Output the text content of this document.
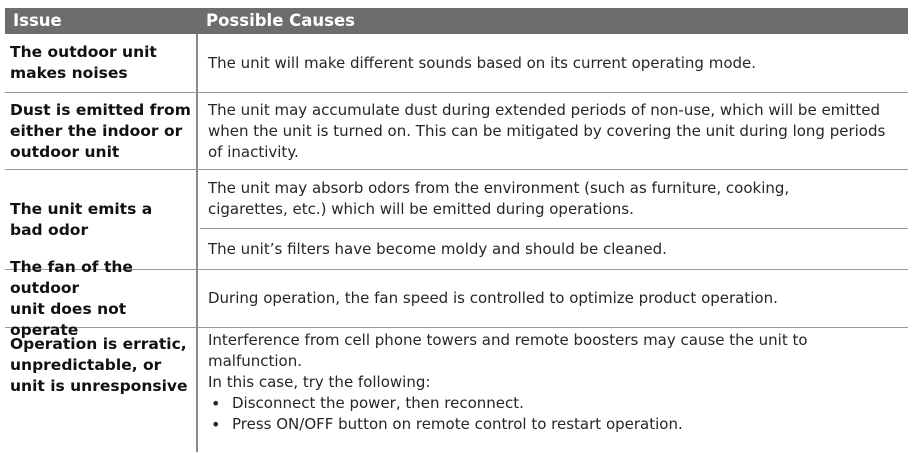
Issue	Possible Causes
The outdoor unit
makes noises
The unit will make different sounds based on its current operating mode.
Dust is emitted from
either the indoor or
outdoor unit
The unit may accumulate dust during extended periods of non-use, which will be emitted when the unit is turned on. This can be mitigated by covering the unit during long periods of inactivity.
The unit emits a
bad odor
The unit may absorb odors from the environment (such as furniture, cooking, cigarettes, etc.) which will be emitted during operations.
The unit’s filters have become moldy and should be cleaned.
The fan of the outdoor
unit does not operate
During operation, the fan speed is controlled to optimize product operation.
Operation is erratic,
unpredictable, or
unit is unresponsive
Interference from cell phone towers and remote boosters may cause the unit to malfunction.
In this case, try the following:
• Disconnect the power, then reconnect.
• Press ON/OFF button on remote control to restart operation.
